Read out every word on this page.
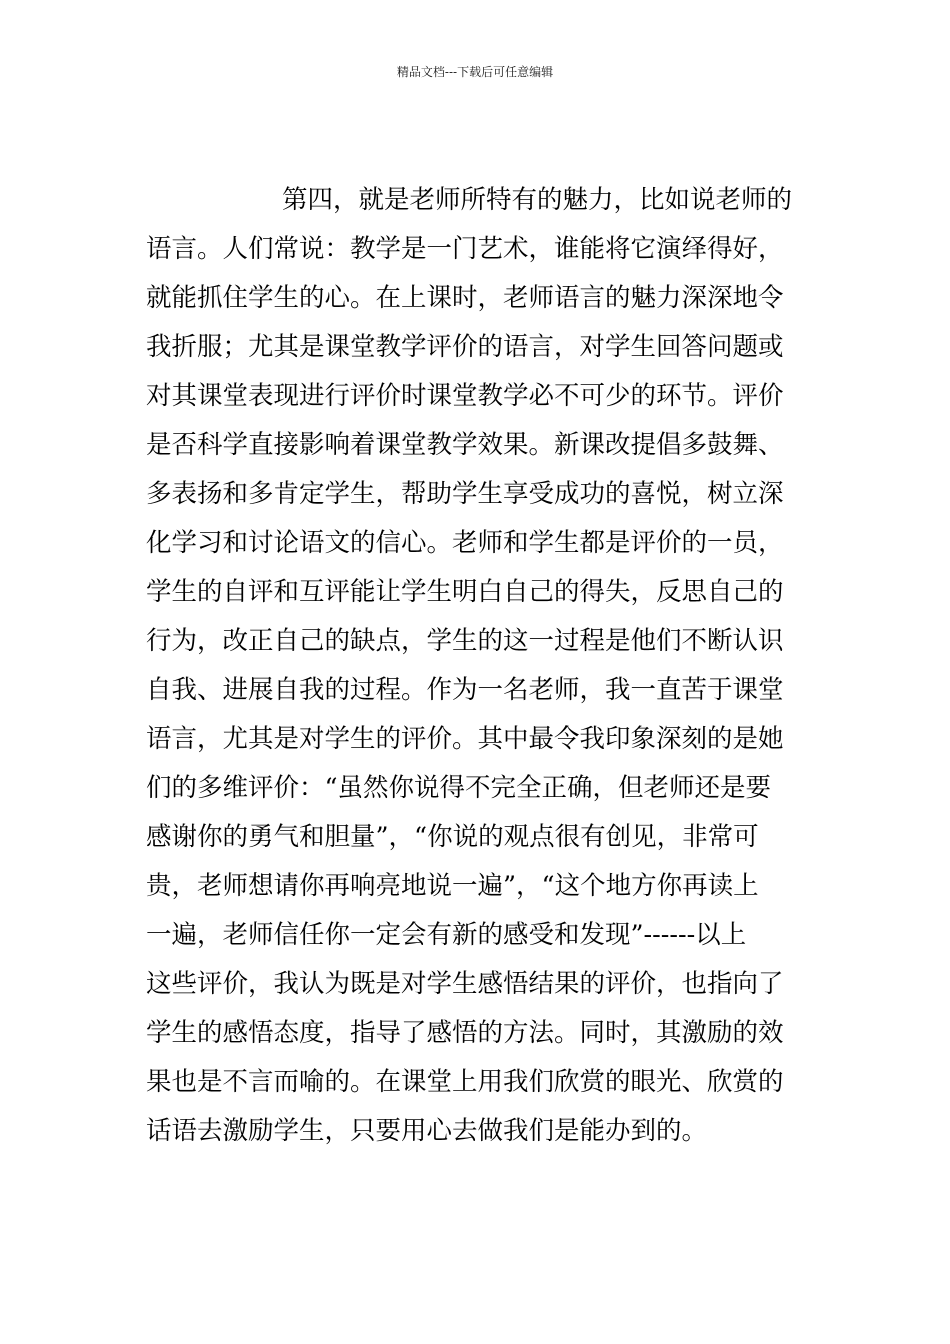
精品文档---下载后可任意编辑
第四，就是老师所特有的魅力，比如说老师的
语言。人们常说：教学是一门艺术，谁能将它演绎得好，
就能抓住学生的心。在上课时，老师语言的魅力深深地令
我折服；尤其是课堂教学评价的语言，对学生回答问题或
对其课堂表现进行评价时课堂教学必不可少的环节。评价
是否科学直接影响着课堂教学效果。新课改提倡多鼓舞、
多表扬和多肯定学生，帮助学生享受成功的喜悦，树立深
化学习和讨论语文的信心。老师和学生都是评价的一员，
学生的自评和互评能让学生明白自己的得失，反思自己的
行为，改正自己的缺点，学生的这一过程是他们不断认识
自我、进展自我的过程。作为一名老师，我一直苦于课堂
语言，尤其是对学生的评价。其中最令我印象深刻的是她
们的多维评价：“虽然你说得不完全正确，但老师还是要
感谢你的勇气和胆量”，“你说的观点很有创见，非常可
贵，老师想请你再响亮地说一遍”，“这个地方你再读上
一遍，老师信任你一定会有新的感受和发现”------以上
这些评价，我认为既是对学生感悟结果的评价，也指向了
学生的感悟态度，指导了感悟的方法。同时，其激励的效
果也是不言而喻的。在课堂上用我们欣赏的眼光、欣赏的
话语去激励学生，只要用心去做我们是能办到的。
